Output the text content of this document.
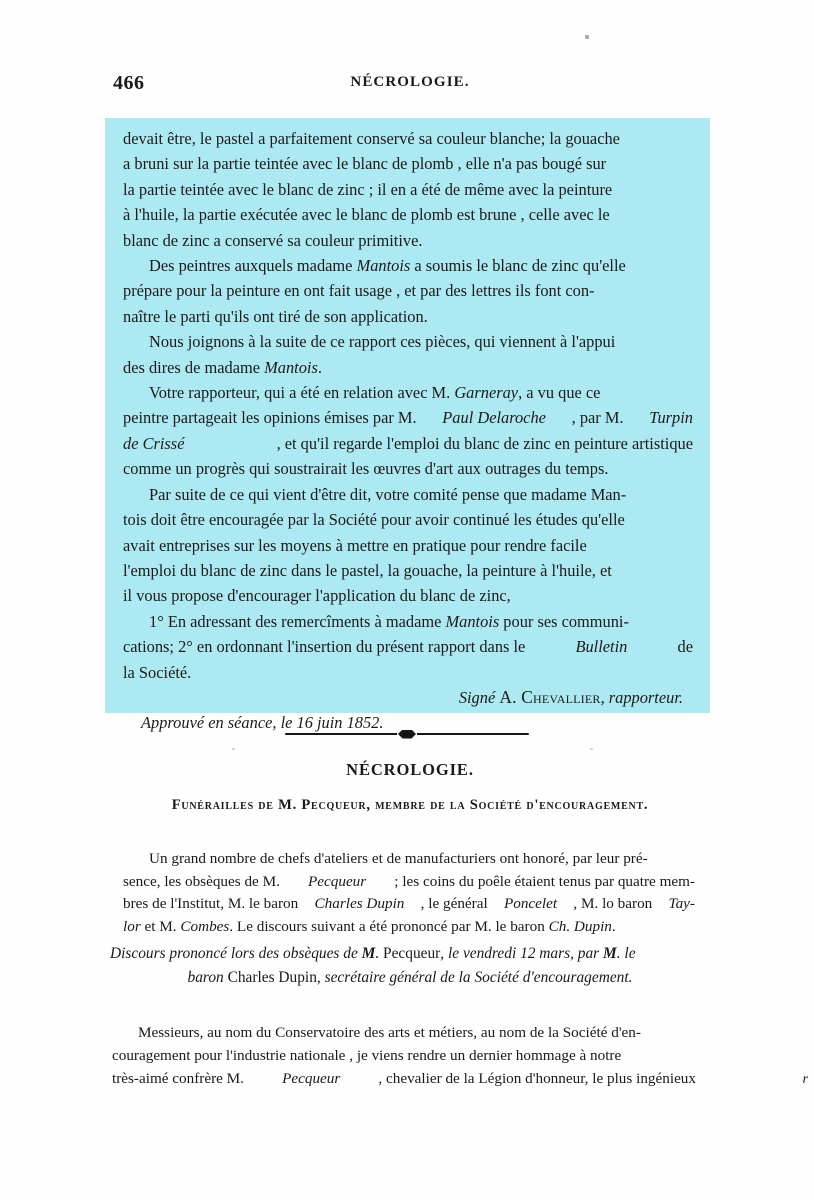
466	NÉCROLOGIE.
devait être, le pastel a parfaitement conservé sa couleur blanche; la gouache
a bruni sur la partie teintée avec le blanc de plomb , elle n'a pas bougé sur
la partie teintée avec le blanc de zinc ; il en a été de même avec la peinture
à l'huile, la partie exécutée avec le blanc de plomb est brune , celle avec le
blanc de zinc a conservé sa couleur primitive.
Des peintres auxquels madame Mantois a soumis le blanc de zinc qu'elle
prépare pour la peinture en ont fait usage , et par des lettres ils font con-
naître le parti qu'ils ont tiré de son application.
Nous joignons à la suite de ce rapport ces pièces, qui viennent à l'appui
des dires de madame Mantois.
Votre rapporteur, qui a été en relation avec M. Garneray, a vu que ce
peintre partageait les opinions émises par M. Paul Delaroche , par M. Turpin
de Crissé	, et qu'il regarde l'emploi du blanc de zinc en peinture artistique
comme un progrès qui soustrairait les œuvres d'art aux outrages du temps.
Par suite de ce qui vient d'être dit, votre comité pense que madame Man-
tois doit être encouragée par la Société pour avoir continué les études qu'elle
avait entreprises sur les moyens à mettre en pratique pour rendre facile
l'emploi du blanc de zinc dans le pastel, la gouache, la peinture à l'huile, et
il vous propose d'encourager l'application du blanc de zinc,
1° En adressant des remercîments à madame Mantois pour ses communi-
cations; 2° en ordonnant l'insertion du présent rapport dans le	Bulletin	de
la Société.
Signé A. Chevallier, rapporteur.
Approuvé en séance, le 16 juin 1852.
NÉCROLOGIE.
Funérailles de M. Pecqueur, membre de la Société d'encouragement.
Un grand nombre de chefs d'ateliers et de manufacturiers ont honoré, par leur pré-
sence, les obsèques de M. Pecqueur ; les coins du poêle étaient tenus par quatre mem-
bres de l'Institut, M. le baron Charles Dupin , le général Poncelet , M. lo baron Tay-
lor et M. Combes. Le discours suivant a été prononcé par M. le baron Ch. Dupin.
Discours prononcé lors des obsèques de M. Pecqueur, le vendredi 12 mars, par M. le
baron Charles Dupin, secrétaire général de la Société d'encouragement.
Messieurs, au nom du Conservatoire des arts et métiers, au nom de la Société d'en-
couragement pour l'industrie nationale , je viens rendre un dernier hommage à notre
très-aimé confrère M.	Pecqueur	, chevalier de la Légion d'honneur, le plus ingénieux	r
